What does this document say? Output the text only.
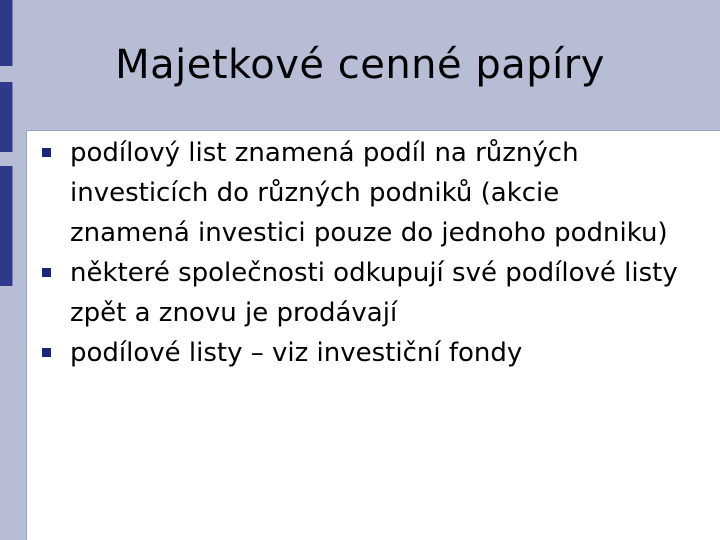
Majetkové cenné papíry
podílový list znamená podíl na různých investicích do různých podniků (akcie znamená investici pouze do jednoho podniku)
některé společnosti odkupují své podílové listy zpět a znovu je prodávají
podílové listy – viz investiční fondy
